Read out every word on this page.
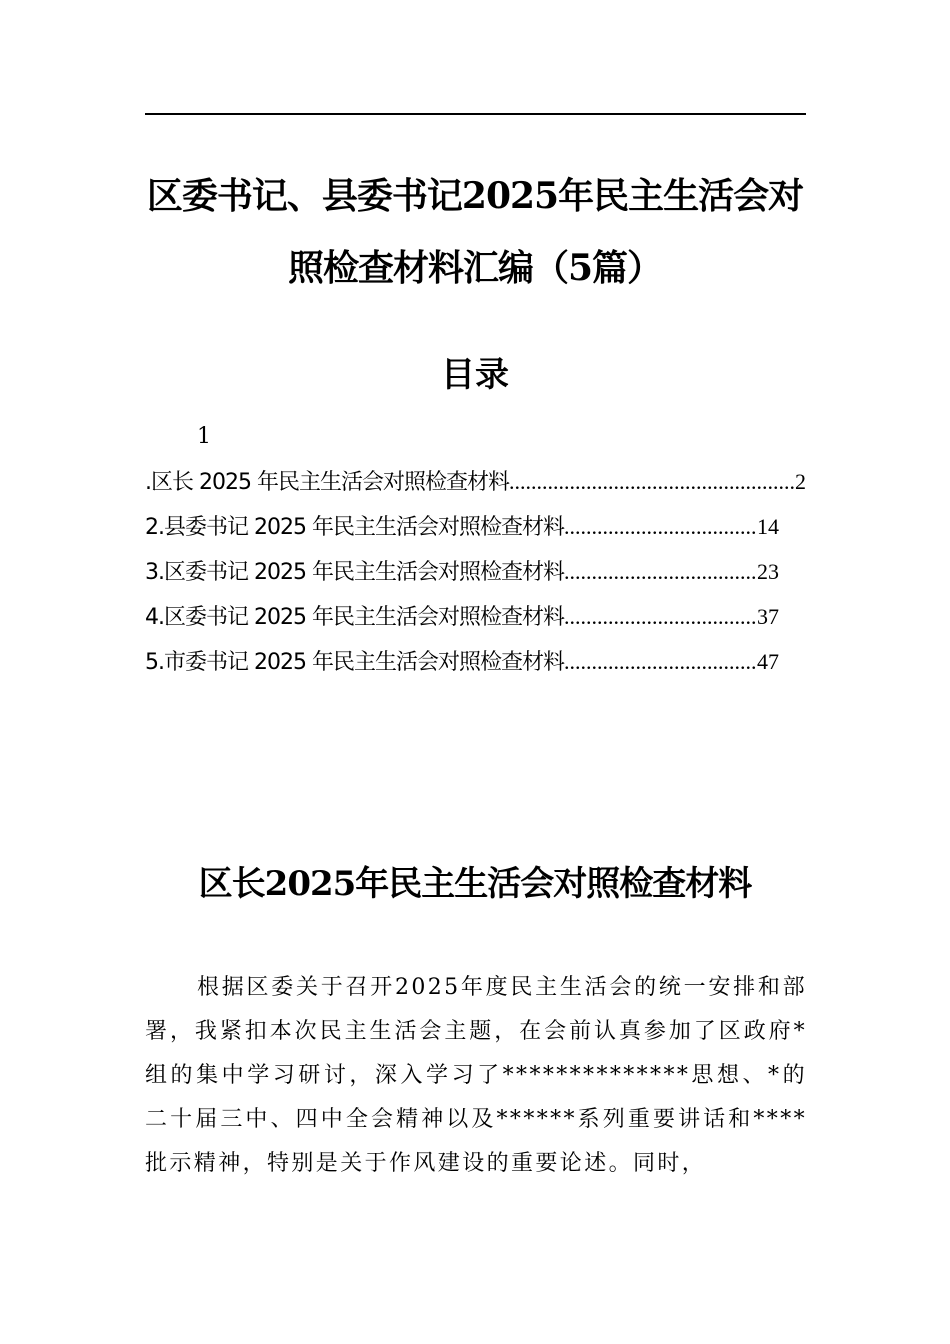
区委书记、县委书记2025年民主生活会对
照检查材料汇编（5篇）
目录
1
.区长 2025 年民主生活会对照检查材料 .....	2
2.县委书记 2025 年民主生活会对照检查材料 .....	14
3.区委书记 2025 年民主生活会对照检查材料 .....	23
4.区委书记 2025 年民主生活会对照检查材料 .....	37
5.市委书记 2025 年民主生活会对照检查材料 .....	47
区长2025年民主生活会对照检查材料

根据区委关于召开2025年度民主生活会的统一安排和部署，我紧扣本次民主生活会主题，在会前认真参加了区政府*组的集中学习研讨，深入学习了**************思想、*的二十届三中、四中全会精神以及******系列重要讲话和****批示精神，特别是关于作风建设的重要论述。同时，
